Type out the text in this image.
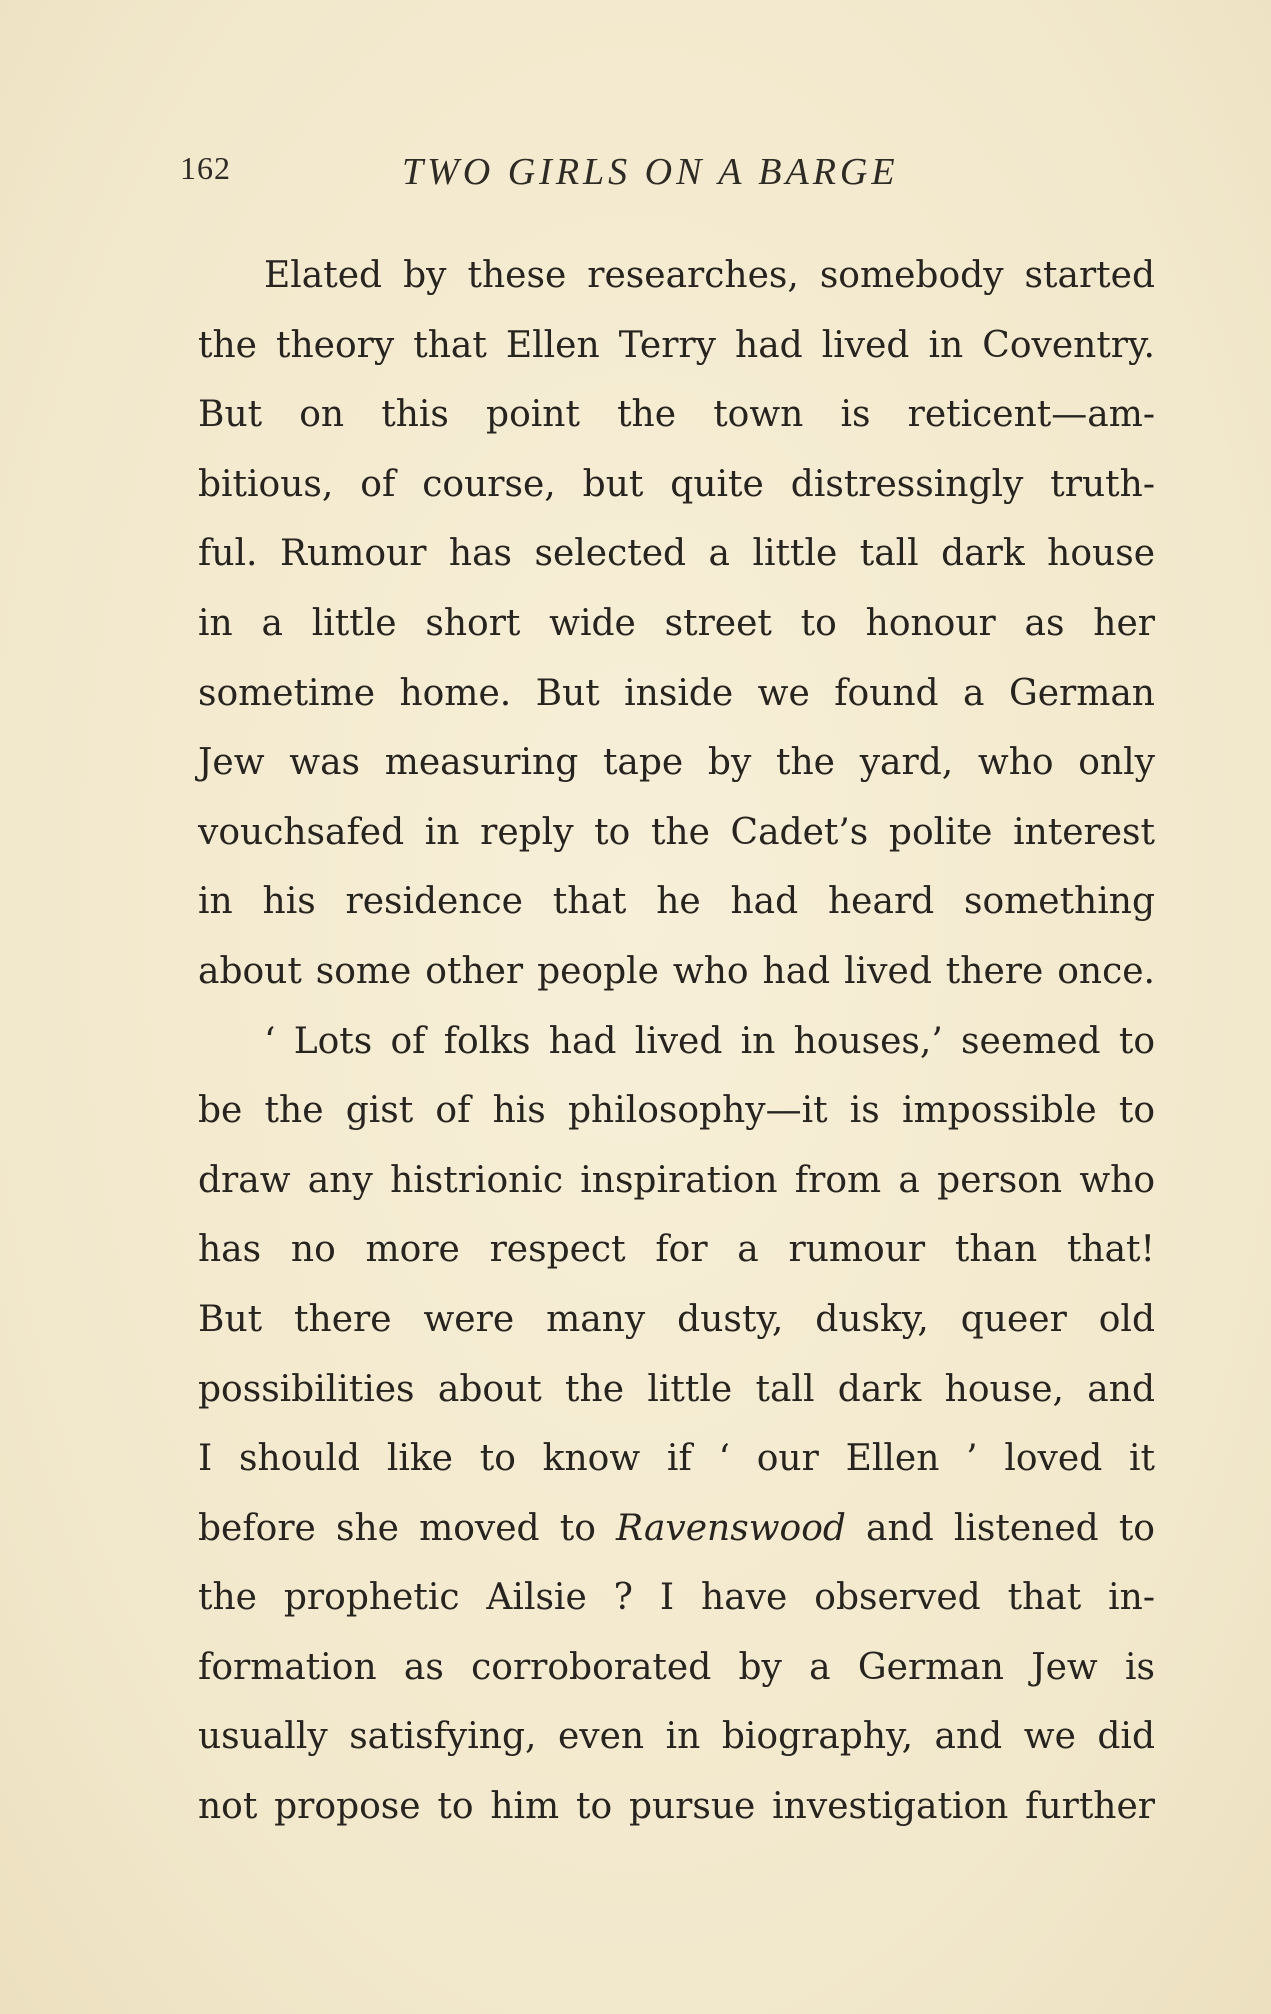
162	TWO GIRLS ON A BARGE
Elated by these researches, somebody started
the theory that Ellen Terry had lived in Coventry.
But on this point the town is reticent—am-
bitious, of course, but quite distressingly truth-
ful. Rumour has selected a little tall dark house
in a little short wide street to honour as her
sometime home. But inside we found a German
Jew was measuring tape by the yard, who only
vouchsafed in reply to the Cadet’s polite interest
in his residence that he had heard something
about some other people who had lived there once.
‘ Lots of folks had lived in houses,’ seemed to
be the gist of his philosophy—it is impossible to
draw any histrionic inspiration from a person who
has no more respect for a rumour than that!
But there were many dusty, dusky, queer old
possibilities about the little tall dark house, and
I should like to know if ‘ our Ellen ’ loved it
before she moved to Ravenswood and listened to
the prophetic Ailsie ? I have observed that in-
formation as corroborated by a German Jew is
usually satisfying, even in biography, and we did
not propose to him to pursue investigation further
